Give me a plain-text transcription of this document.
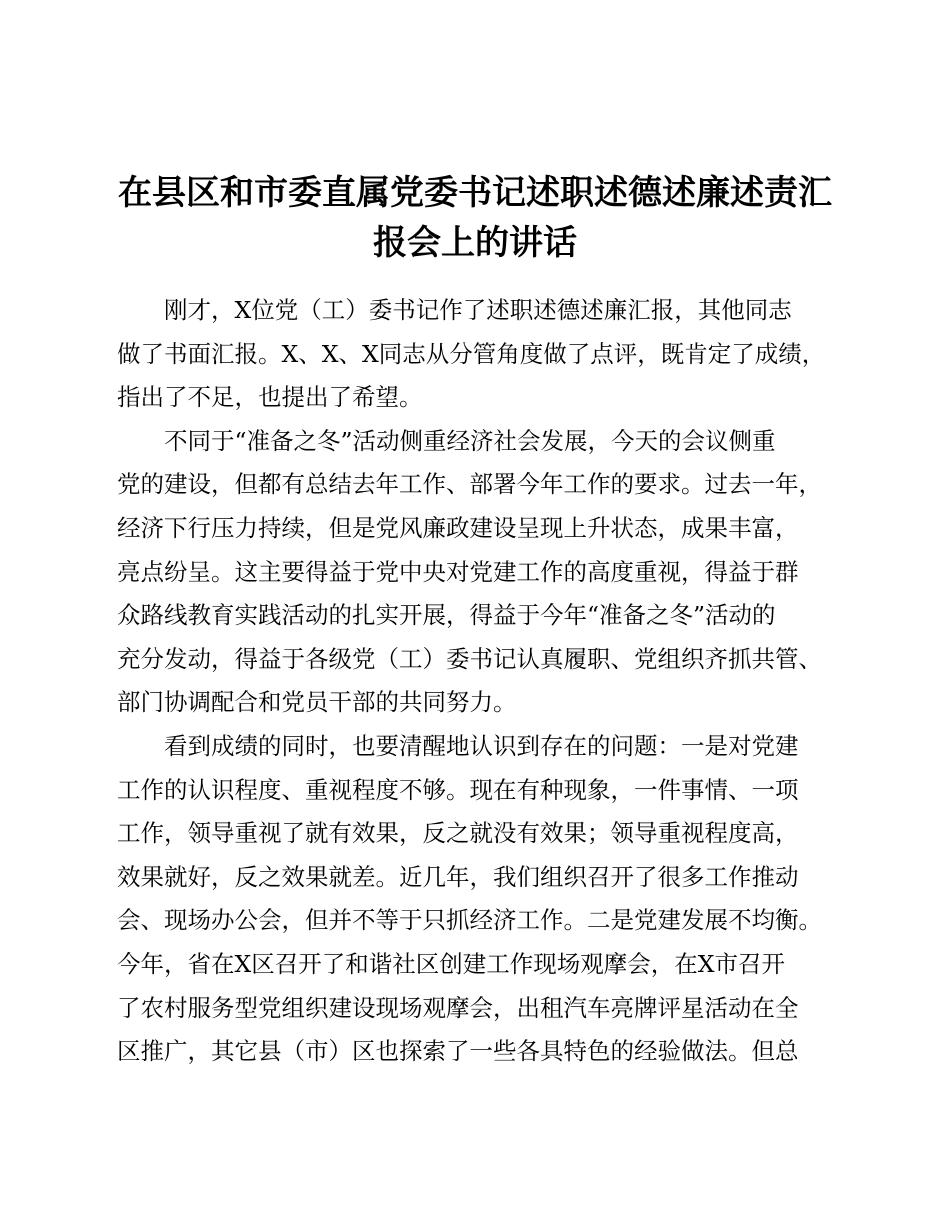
在县区和市委直属党委书记述职述德述廉述责汇
报会上的讲话
刚才，X位党（工）委书记作了述职述德述廉汇报，其他同志
做了书面汇报。X、X、X同志从分管角度做了点评，既肯定了成绩，
指出了不足，也提出了希望。
不同于“准备之冬”活动侧重经济社会发展，今天的会议侧重
党的建设，但都有总结去年工作、部署今年工作的要求。过去一年，
经济下行压力持续，但是党风廉政建设呈现上升状态，成果丰富，
亮点纷呈。这主要得益于党中央对党建工作的高度重视，得益于群
众路线教育实践活动的扎实开展，得益于今年“准备之冬”活动的
充分发动，得益于各级党（工）委书记认真履职、党组织齐抓共管、
部门协调配合和党员干部的共同努力。
看到成绩的同时，也要清醒地认识到存在的问题：一是对党建
工作的认识程度、重视程度不够。现在有种现象，一件事情、一项
工作，领导重视了就有效果，反之就没有效果；领导重视程度高，
效果就好，反之效果就差。近几年，我们组织召开了很多工作推动
会、现场办公会，但并不等于只抓经济工作。二是党建发展不均衡。
今年，省在X区召开了和谐社区创建工作现场观摩会，在X市召开
了农村服务型党组织建设现场观摩会，出租汽车亮牌评星活动在全
区推广，其它县（市）区也探索了一些各具特色的经验做法。但总
